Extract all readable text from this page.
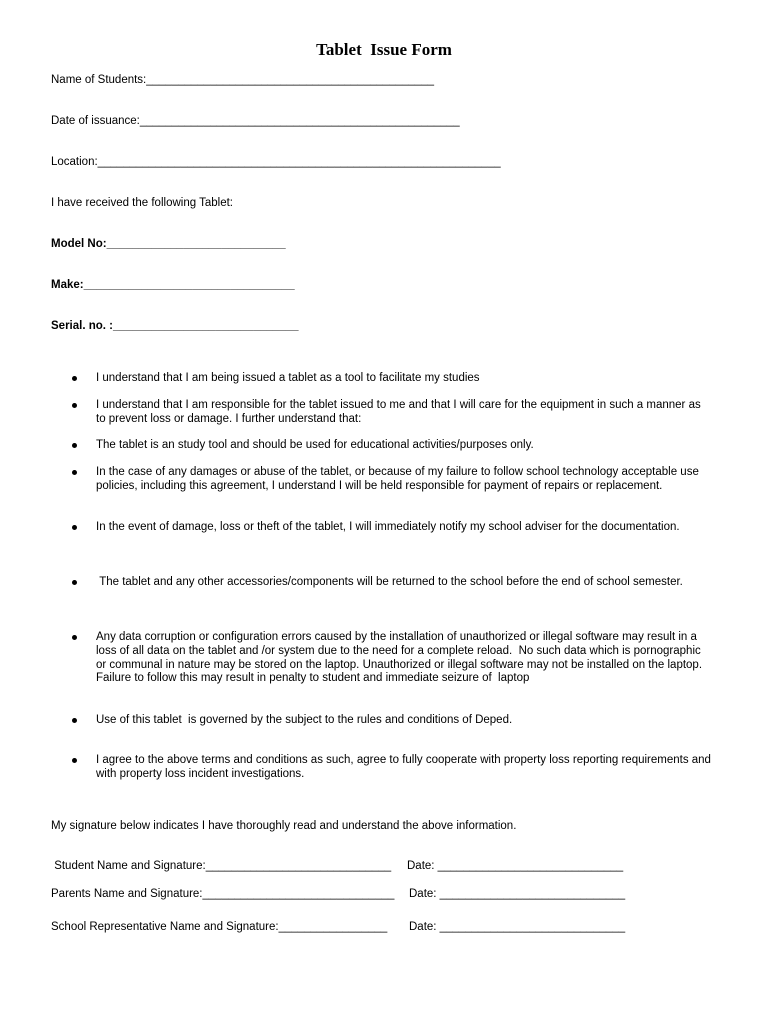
Tablet  Issue Form
Name of Students:_____________________________________________
Date of issuance:__________________________________________________
Location:_______________________________________________________________
I have received the following Tablet:
Model No:____________________________
Make:_________________________________
Serial. no. :_____________________________
I understand that I am being issued a tablet as a tool to facilitate my studies
I understand that I am responsible for the tablet issued to me and that I will care for the equipment in such a manner as to prevent loss or damage. I further understand that:
The tablet is an study tool and should be used for educational activities/purposes only.
In the case of any damages or abuse of the tablet, or because of my failure to follow school technology acceptable use policies, including this agreement, I understand I will be held responsible for payment of repairs or replacement.
In the event of damage, loss or theft of the tablet, I will immediately notify my school adviser for the documentation.
The tablet and any other accessories/components will be returned to the school before the end of school semester.
Any data corruption or configuration errors caused by the installation of unauthorized or illegal software may result in a loss of all data on the tablet and /or system due to the need for a complete reload.  No such data which is pornographic or communal in nature may be stored on the laptop. Unauthorized or illegal software may not be installed on the laptop. Failure to follow this may result in penalty to student and immediate seizure of  laptop
Use of this tablet  is governed by the subject to the rules and conditions of Deped.
I agree to the above terms and conditions as such, agree to fully cooperate with property loss reporting requirements and with property loss incident investigations.
My signature below indicates I have thoroughly read and understand the above information.
Student Name and Signature:_____________________________ Date: _____________________________
Parents Name and Signature:______________________________ Date: _____________________________
School Representative Name and Signature:_________________ Date: _____________________________
